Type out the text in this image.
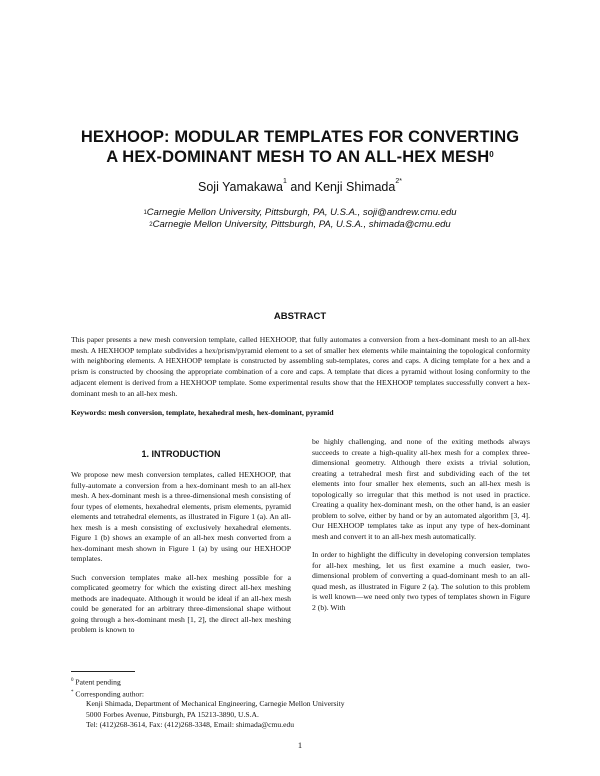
HEXHOOP: MODULAR TEMPLATES FOR CONVERTING
A HEX-DOMINANT MESH TO AN ALL-HEX MESH$^0$
Soji Yamakawa$^1$ and Kenji Shimada$^{2*}$
$^1$Carnegie Mellon University, Pittsburgh, PA, U.S.A., soji@andrew.cmu.edu
$^2$Carnegie Mellon University, Pittsburgh, PA, U.S.A., shimada@cmu.edu
ABSTRACT
This paper presents a new mesh conversion template, called HEXHOOP, that fully automates a conversion from a hex-dominant mesh to an all-hex mesh. A HEXHOOP template subdivides a hex/prism/pyramid element to a set of smaller hex elements while maintaining the topological conformity with neighboring elements. A HEXHOOP template is constructed by assembling sub-templates, cores and caps. A dicing template for a hex and a prism is constructed by choosing the appropriate combination of a core and caps. A template that dices a pyramid without losing conformity to the adjacent element is derived from a HEXHOOP template. Some experimental results show that the HEXHOOP templates successfully convert a hex-dominant mesh to an all-hex mesh.
Keywords: mesh conversion, template, hexahedral mesh, hex-dominant, pyramid
1. INTRODUCTION

We propose new mesh conversion templates, called HEXHOOP, that fully-automate a conversion from a hex-dominant mesh to an all-hex mesh. A hex-dominant mesh is a three-dimensional mesh consisting of four types of elements, hexahedral elements, prism elements, pyramid elements and tetrahedral elements, as illustrated in Figure 1 (a). An all-hex mesh is a mesh consisting of exclusively hexahedral elements. Figure 1 (b) shows an example of an all-hex mesh converted from a hex-dominant mesh shown in Figure 1 (a) by using our HEXHOOP templates.

Such conversion templates make all-hex meshing possible for a complicated geometry for which the existing direct all-hex meshing methods are inadequate. Although it would be ideal if an all-hex mesh could be generated for an arbitrary three-dimensional shape without going through a hex-dominant mesh [1, 2], the direct all-hex meshing problem is known to

be highly challenging, and none of the exiting methods always succeeds to create a high-quality all-hex mesh for a complex three-dimensional geometry. Although there exists a trivial solution, creating a tetrahedral mesh first and subdividing each of the tet elements into four smaller hex elements, such an all-hex mesh is topologically so irregular that this method is not used in practice. Creating a quality hex-dominant mesh, on the other hand, is an easier problem to solve, either by hand or by an automated algorithm [3, 4]. Our HEXHOOP templates take as input any type of hex-dominant mesh and convert it to an all-hex mesh automatically.

In order to highlight the difficulty in developing conversion templates for all-hex meshing, let us first examine a much easier, two-dimensional problem of converting a quad-dominant mesh to an all-quad mesh, as illustrated in Figure 2 (a). The solution to this problem is well known—we need only two types of templates shown in Figure 2 (b). With

$^0$ Patent pending
* Corresponding author:
Kenji Shimada, Department of Mechanical Engineering, Carnegie Mellon University
5000 Forbes Avenue, Pittsburgh, PA 15213-3890, U.S.A.
Tel: (412)268-3614, Fax: (412)268-3348, Email: shimada@cmu.edu
1
